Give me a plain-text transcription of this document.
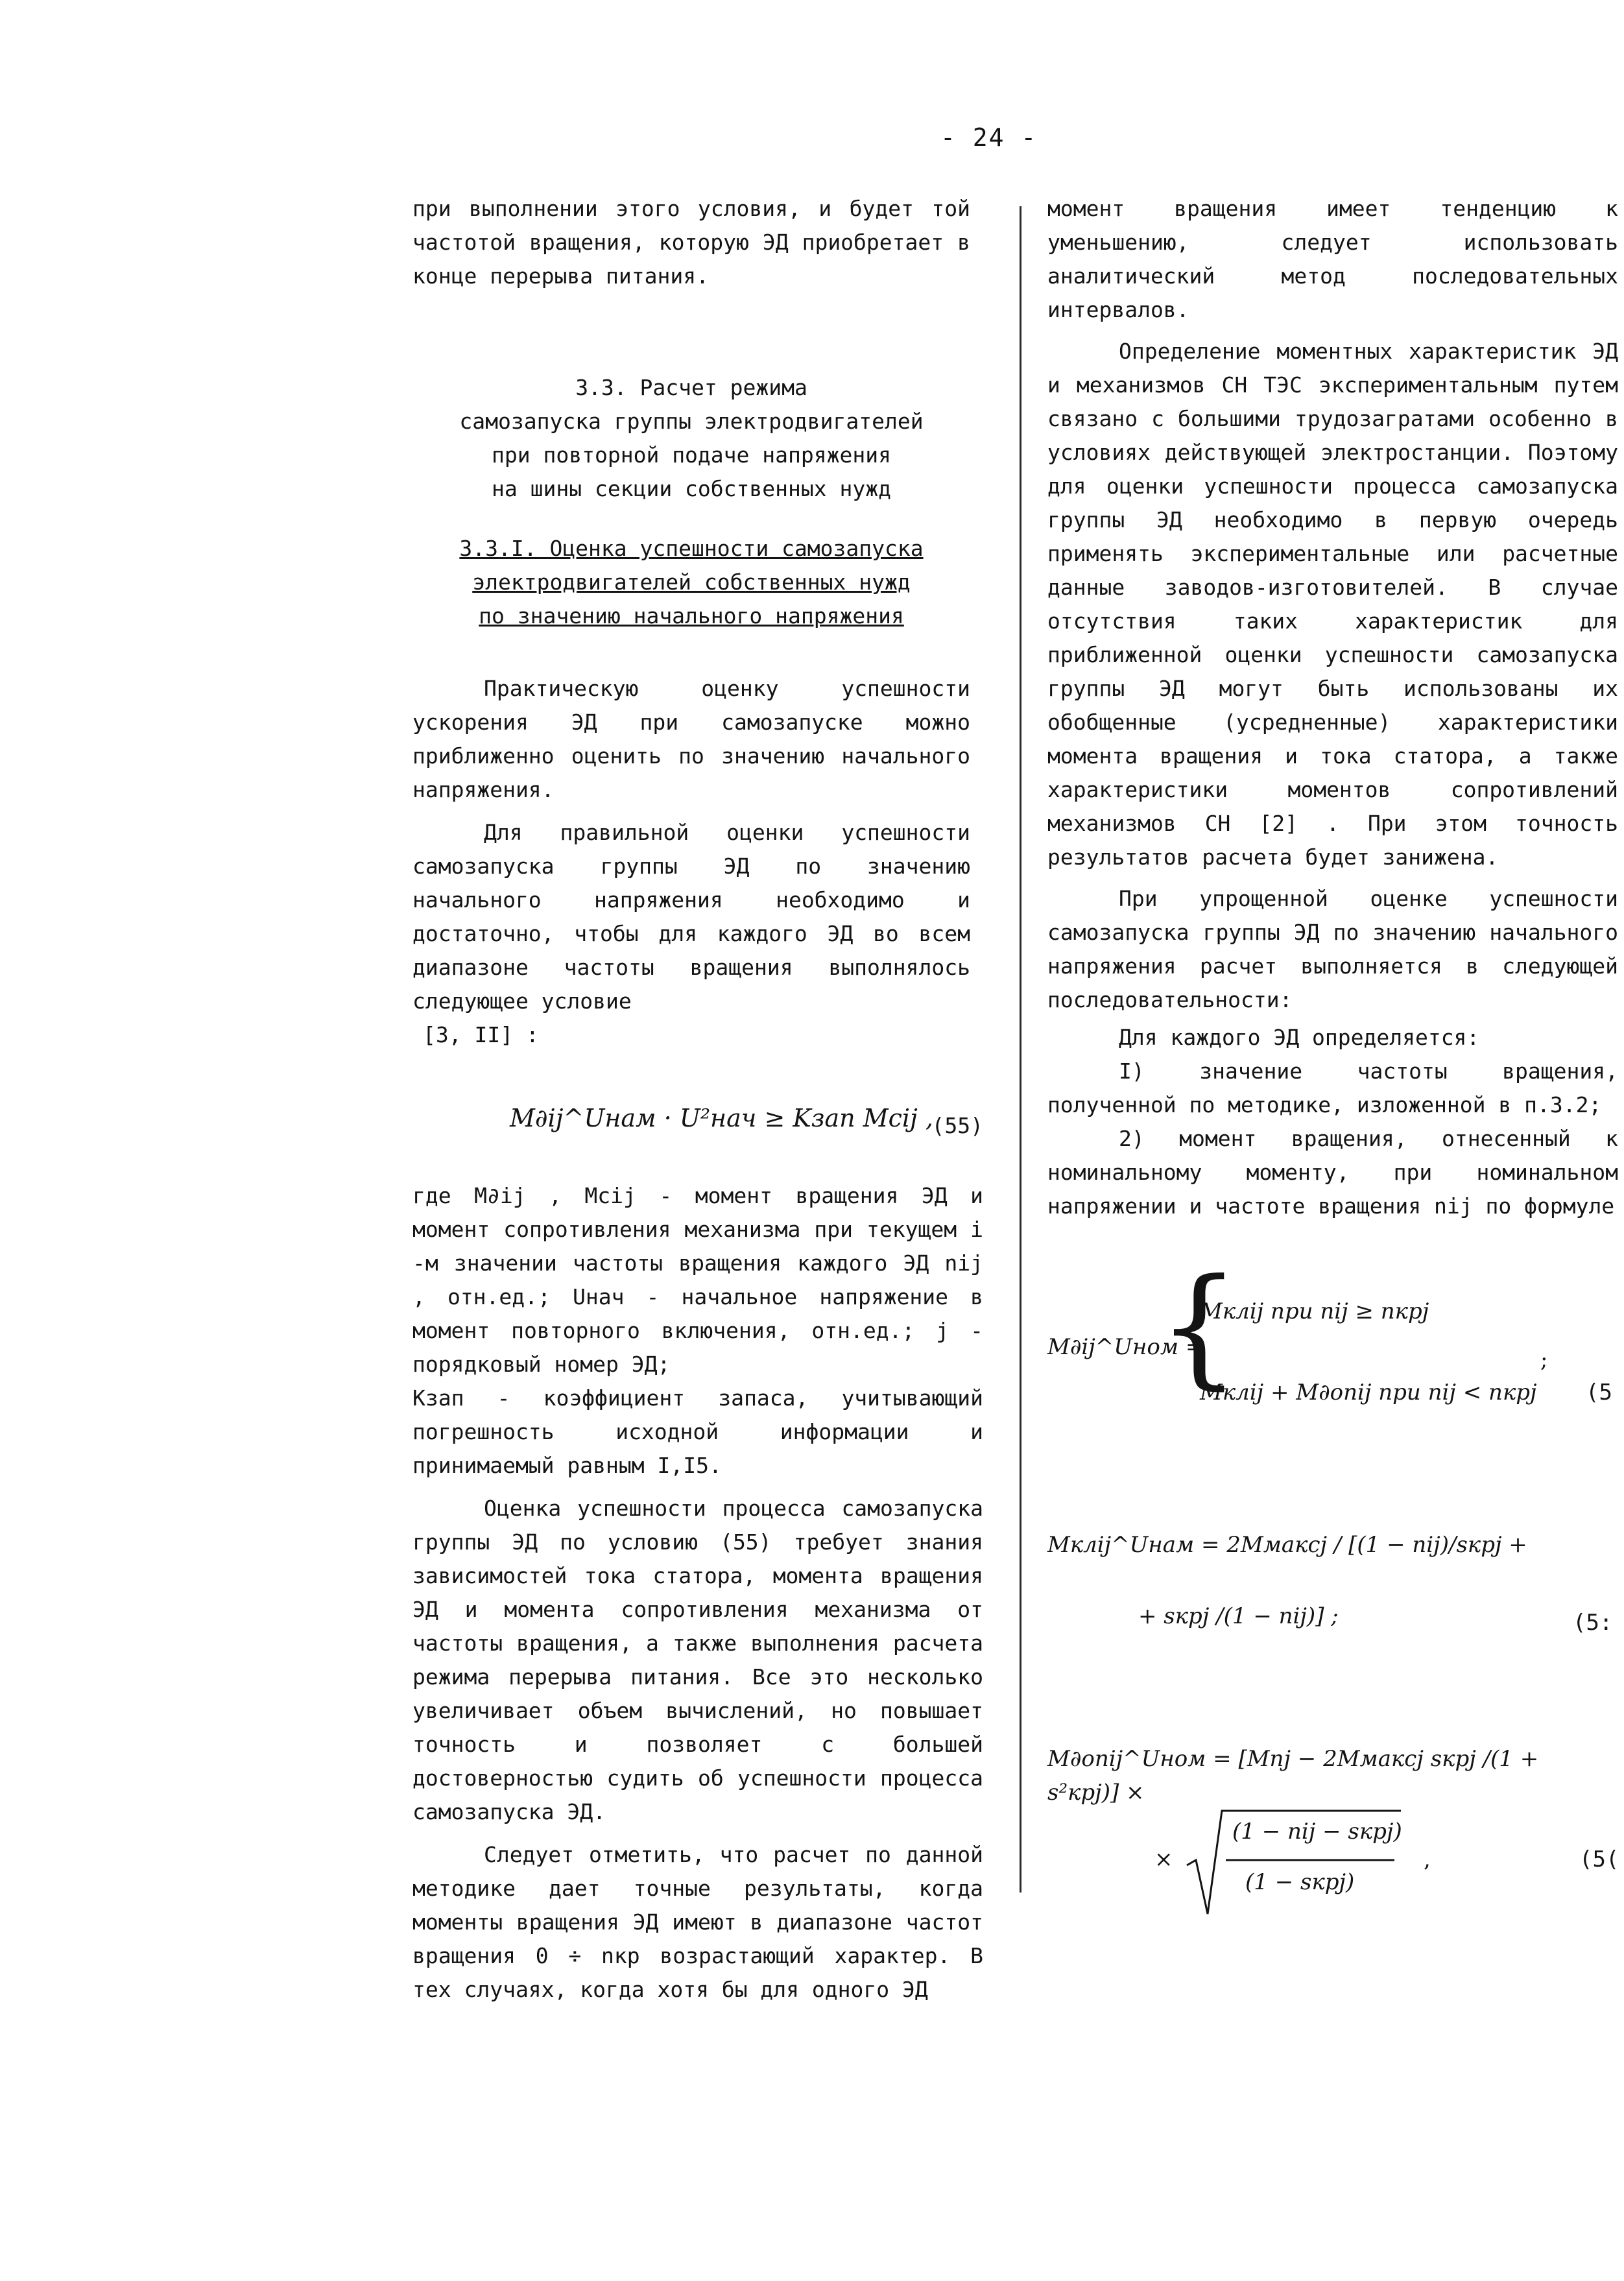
- 24 -

при выполнении этого условия, и будет той частотой вращения, которую ЭД приобретает в конце перерыва питания.

3.3. Расчет режима
самозапуска группы электродвигателей
при повторной подаче напряжения
на шины секции собственных нужд
3.3.I. Оценка успешности самозапуска
электродвигателей собственных нужд
по значению начального напряжения

Практическую оценку успешности ускорения ЭД при самозапуске можно приближенно оценить по значению начального напряжения.

Для правильной оценки успешности самозапуска группы ЭД по значению начального напряжения необходимо и достаточно, чтобы для каждого ЭД во всем диапазоне частоты вращения выполнялось следующее условие

[3, II] :

M∂ij^Uнам · U²нач ≥ Kзап Mcij ,
(55)

где M∂ij , Mcij - момент вращения ЭД и момент сопротивления механизма при текущем i -м значении частоты вращения каждого ЭД nij , отн.ед.; Uнач - начальное напряжение в момент повторного включения, отн.ед.; j - порядковый номер ЭД;

Kзап - коэффициент запаса, учитывающий погрешность исходной информации и принимаемый равным I,I5.

Оценка успешности процесса самозапуска группы ЭД по условию (55) требует знания зависимостей тока статора, момента вращения ЭД и момента сопротивления механизма от частоты вращения, а также выполнения расчета режима перерыва питания. Все это несколько увеличивает объем вычислений, но повышает точность и позволяет с большей достоверностью судить об успешности процесса самозапуска ЭД.

Следует отметить, что расчет по данной методике дает точные результаты, когда моменты вращения ЭД имеют в диапазоне частот вращения 0 ÷ nкр возрастающий характер. В тех случаях, когда хотя бы для одного ЭД

момент вращения имеет тенденцию к уменьшению, следует использовать аналитический метод последовательных интервалов.

Определение моментных характеристик ЭД и механизмов СН ТЭС экспериментальным путем связано с большими трудозагратами особенно в условиях действующей электростанции. Поэтому для оценки успешности процесса самозапуска группы ЭД необходимо в первую очередь применять экспериментальные или расчетные данные заводов-изготовителей. В случае отсутствия таких характеристик для приближенной оценки успешности самозапуска группы ЭД могут быть использованы их обобщенные (усредненные) характеристики момента вращения и тока статора, а также характеристики моментов сопротивлений механизмов СН [2] . При этом точность результатов расчета будет занижена.

При упрощенной оценке успешности самозапуска группы ЭД по значению начального напряжения расчет выполняется в следующей последовательности:

Для каждого ЭД определяется:

I) значение частоты вращения, полученной по методике, изложенной в п.3.2;

2) момент вращения, отнесенный к номинальному моменту, при номинальном напряжении и частоте вращения nij по формуле

M∂ij^Uном =
{
Mклij при nij ≥ nкрj
Mклij + M∂опij при nij < nкрj
;
(5
Mклij^Uнам = 2Mмаксj / [(1 − nij)/sкрj +
+ sкрj /(1 − nij)] ;	(5:
M∂опij^Uном = [Mnj − 2Mмаксj sкрj /(1 + s²крj)] ×
×
(1 − nij − sкрj)
(1 − sкрj)
,	(5(
